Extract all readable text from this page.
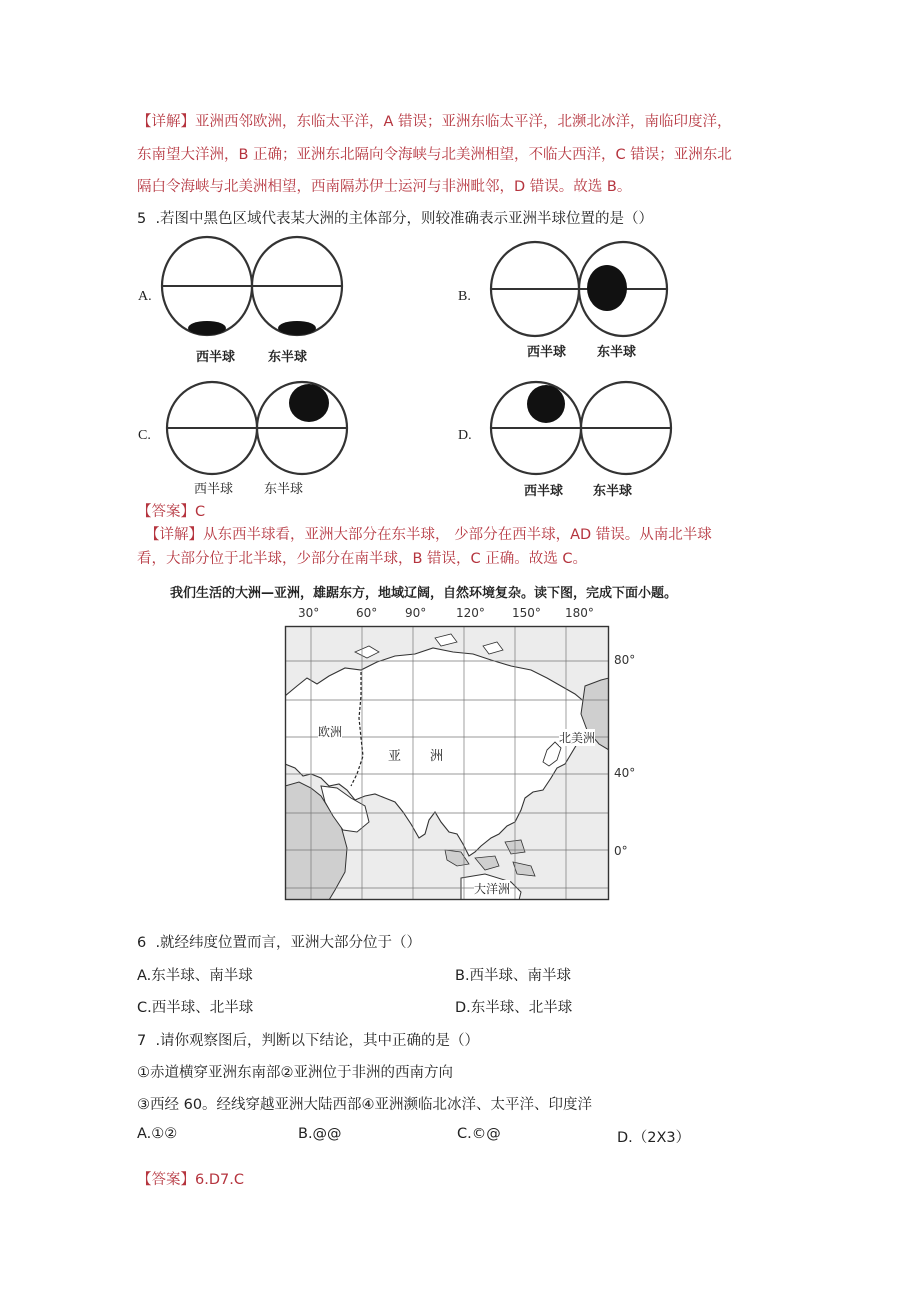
【详解】亚洲西邻欧洲，东临太平洋，A 错误；亚洲东临太平洋，北濒北冰洋，南临印度洋，
东南望大洋洲，B 正确；亚洲东北隔向令海峡与北美洲相望，不临大西洋，C 错误；亚洲东北
隔白令海峡与北美洲相望，西南隔苏伊士运河与非洲毗邻，D 错误。故选 B。
5 .若图中黑色区域代表某大洲的主体部分，则较准确表示亚洲半球位置的是（）
A.
西半球	东半球
B.
西半球 东半球
C.
西半球 东半球
D.
西半球 东半球
【答案】C
【详解】从东西半球看，亚洲大部分在东半球， 少部分在西半球，AD 错误。从南北半球
看，大部分位于北半球，少部分在南半球，B 错误，C 正确。故选 C。
我们生活的大洲—亚洲，雄踞东方，地域辽阔，自然环境复杂。读下图，完成下面小题。
30°	60° 90° 120° 150° 180°
80°
40°
0°
欧洲
亚 洲
北美洲
大洋洲
6 .就经纬度位置而言，亚洲大部分位于（）
A.东半球、南半球	B.西半球、南半球
C.西半球、北半球	D.东半球、北半球
7 .请你观察图后，判断以下结论，其中正确的是（）
①赤道横穿亚洲东南部②亚洲位于非洲的西南方向
③西经 60。经线穿越亚洲大陆西部④亚洲濒临北冰洋、太平洋、印度洋
A.①②	B.@@	C.©@	D.（2X3）
【答案】6.D7.C
